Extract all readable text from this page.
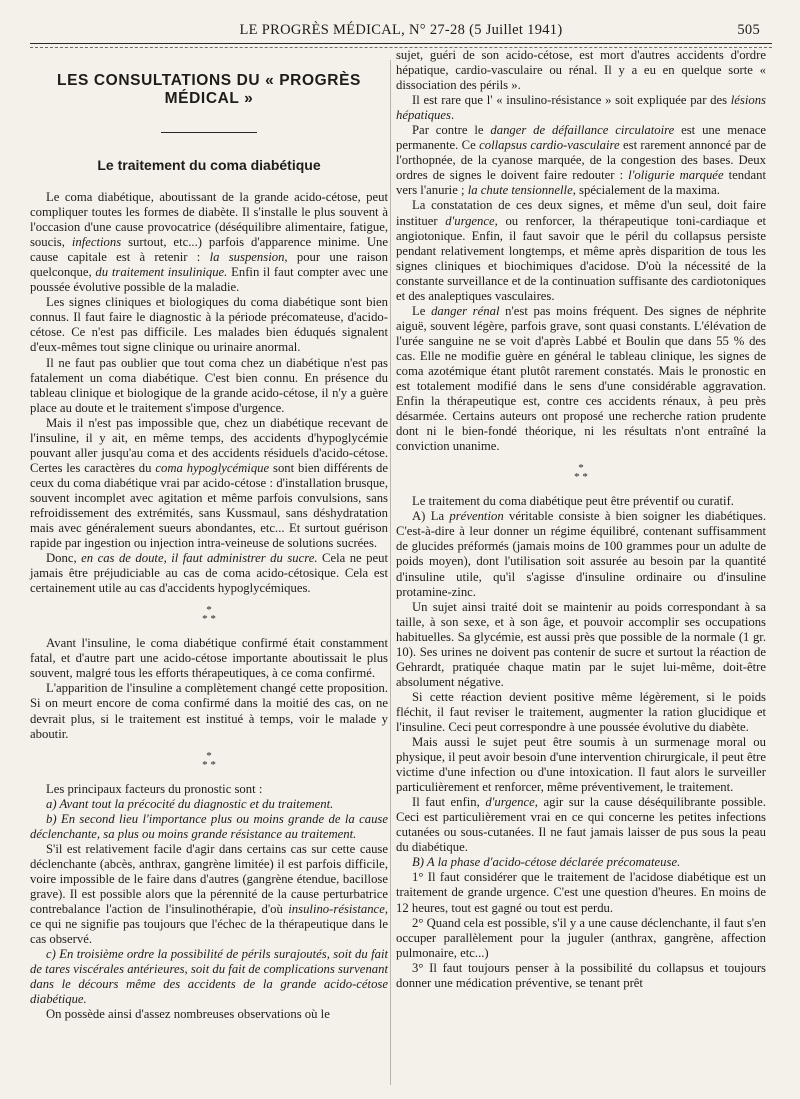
LE PROGRÈS MÉDICAL, N° 27-28 (5 Juillet 1941)	505
LES CONSULTATIONS DU « PROGRÈS MÉDICAL »
Le traitement du coma diabétique

Le coma diabétique, aboutissant de la grande acido-cétose, peut compliquer toutes les formes de diabète. Il s'installe le plus souvent à l'occasion d'une cause provocatrice (déséquilibre alimentaire, fatigue, soucis, infections surtout, etc...) parfois d'apparence minime. Une cause capitale est à retenir : la suspension, pour une raison quelconque, du traitement insulinique. Enfin il faut compter avec une poussée évolutive possible de la maladie.

Les signes cliniques et biologiques du coma diabétique sont bien connus. Il faut faire le diagnostic à la période précomateuse, d'acido-cétose. Ce n'est pas difficile. Les malades bien éduqués signalent d'eux-mêmes tout signe clinique ou urinaire anormal.

Il ne faut pas oublier que tout coma chez un diabétique n'est pas fatalement un coma diabétique. C'est bien connu. En présence du tableau clinique et biologique de la grande acido-cétose, il n'y a guère place au doute et le traitement s'impose d'urgence.

Mais il n'est pas impossible que, chez un diabétique recevant de l'insuline, il y ait, en même temps, des accidents d'hypoglycémie pouvant aller jusqu'au coma et des accidents résiduels d'acido-cétose. Certes les caractères du coma hypoglycémique sont bien différents de ceux du coma diabétique vrai par acido-cétose : d'installation brusque, souvent incomplet avec agitation et même parfois convulsions, sans refroidissement des extrémités, sans Kussmaul, sans déshydratation mais avec généralement sueurs abondantes, etc... Et surtout guérison rapide par ingestion ou injection intra-veineuse de solutions sucrées.

Donc, en cas de doute, il faut administrer du sucre. Cela ne peut jamais être préjudiciable au cas de coma acido-cétosique. Cela est certainement utile au cas d'accidents hypoglycémiques.

*
* *

Avant l'insuline, le coma diabétique confirmé était constamment fatal, et d'autre part une acido-cétose importante aboutissait le plus souvent, malgré tous les efforts thérapeutiques, à ce coma confirmé.

L'apparition de l'insuline a complètement changé cette proposition. Si on meurt encore de coma confirmé dans la moitié des cas, on ne devrait plus, si le traitement est institué à temps, voir le malade y aboutir.

*
* *

Les principaux facteurs du pronostic sont :

a) Avant tout la précocité du diagnostic et du traitement.

b) En second lieu l'importance plus ou moins grande de la cause déclenchante, sa plus ou moins grande résistance au traitement.

S'il est relativement facile d'agir dans certains cas sur cette cause déclenchante (abcès, anthrax, gangrène limitée) il est parfois difficile, voire impossible de le faire dans d'autres (gangrène étendue, bacillose grave). Il est possible alors que la pérennité de la cause perturbatrice contrebalance l'action de l'insulinothérapie, d'où insulino-résistance, ce qui ne signifie pas toujours que l'échec de la thérapeutique dans le cas observé.

c) En troisième ordre la possibilité de périls surajoutés, soit du fait de tares viscérales antérieures, soit du fait de complications survenant dans le décours même des accidents de la grande acido-cétose diabétique.

On possède ainsi d'assez nombreuses observations où le

sujet, guéri de son acido-cétose, est mort d'autres accidents d'ordre hépatique, cardio-vasculaire ou rénal. Il y a eu en quelque sorte « dissociation des périls ».

Il est rare que l' « insulino-résistance » soit expliquée par des lésions hépatiques.

Par contre le danger de défaillance circulatoire est une menace permanente. Ce collapsus cardio-vasculaire est rarement annoncé par de l'orthopnée, de la cyanose marquée, de la congestion des bases. Deux ordres de signes le doivent faire redouter : l'oligurie marquée tendant vers l'anurie ; la chute tensionnelle, spécialement de la maxima.

La constatation de ces deux signes, et même d'un seul, doit faire instituer d'urgence, ou renforcer, la thérapeutique toni-cardiaque et angiotonique. Enfin, il faut savoir que le péril du collapsus persiste pendant relativement longtemps, et même après disparition de tous les signes cliniques et biochimiques d'acidose. D'où la nécessité de la constante surveillance et de la continuation suffisante des cardiotoniques et des analeptiques vasculaires.

Le danger rénal n'est pas moins fréquent. Des signes de néphrite aiguë, souvent légère, parfois grave, sont quasi constants. L'élévation de l'urée sanguine ne se voit d'après Labbé et Boulin que dans 55 % des cas. Elle ne modifie guère en général le tableau clinique, les signes de coma azotémique étant plutôt rarement constatés. Mais le pronostic en est totalement modifié dans le sens d'une considérable aggravation. Enfin la thérapeutique est, contre ces accidents rénaux, à peu près désarmée. Certains auteurs ont proposé une recherche ration prudente dont ni le bien-fondé théorique, ni les résultats n'ont entraîné la conviction unanime.

*
* *

Le traitement du coma diabétique peut être préventif ou curatif.

A) La prévention véritable consiste à bien soigner les diabétiques. C'est-à-dire à leur donner un régime équilibré, contenant suffisamment de glucides préformés (jamais moins de 100 grammes pour un adulte de poids moyen), dont l'utilisation soit assurée au besoin par la quantité d'insuline utile, qu'il s'agisse d'insuline ordinaire ou d'insuline protamine-zinc.

Un sujet ainsi traité doit se maintenir au poids correspondant à sa taille, à son sexe, et à son âge, et pouvoir accomplir ses occupations habituelles. Sa glycémie, est aussi près que possible de la normale (1 gr. 10). Ses urines ne doivent pas contenir de sucre et surtout la réaction de Gehrardt, pratiquée chaque matin par le sujet lui-même, doit-être absolument négative.

Si cette réaction devient positive même légèrement, si le poids fléchit, il faut reviser le traitement, augmenter la ration glucidique et l'insuline. Ceci peut correspondre à une poussée évolutive du diabète.

Mais aussi le sujet peut être soumis à un surmenage moral ou physique, il peut avoir besoin d'une intervention chirurgicale, il peut être victime d'une infection ou d'une intoxication. Il faut alors le surveiller particulièrement et renforcer, même préventivement, le traitement.

Il faut enfin, d'urgence, agir sur la cause déséquilibrante possible. Ceci est particulièrement vrai en ce qui concerne les petites infections cutanées ou sous-cutanées. Il ne faut jamais laisser de pus sous la peau du diabétique.

B) A la phase d'acido-cétose déclarée précomateuse.

1° Il faut considérer que le traitement de l'acidose diabétique est un traitement de grande urgence. C'est une question d'heures. En moins de 12 heures, tout est gagné ou tout est perdu.

2° Quand cela est possible, s'il y a une cause déclenchante, il faut s'en occuper parallèlement pour la juguler (anthrax, gangrène, affection pulmonaire, etc...)

3° Il faut toujours penser à la possibilité du collapsus et toujours donner une médication préventive, se tenant prêt
